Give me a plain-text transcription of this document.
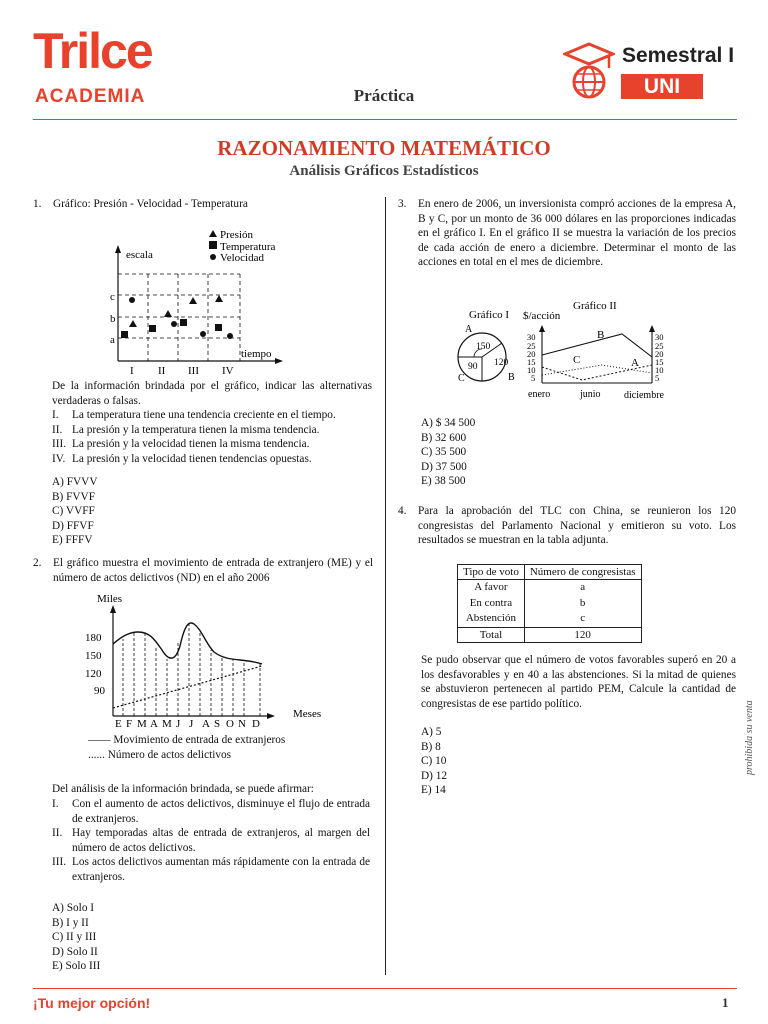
Trilce
ACADEMIA	Práctica
Semestral I
UNI
RAZONAMIENTO MATEMÁTICO
Análisis Gráficos Estadísticos
1.	Gráfico: Presión - Velocidad - Temperatura
escala
tiempo
c
b
a
I II III IV
Presión
Temperatura
Velocidad
De la información brindada por el gráfico, indicar las alternativas verdaderas o falsas.
I.	La temperatura tiene una tendencia creciente en el tiempo.
II. La presión y la temperatura tienen la misma tendencia.
III. La presión y la velocidad tienen la misma tendencia.
IV. La presión y la velocidad tienen tendencias opuestas.
A) FVVV
B) FVVF
C) VVFF
D) FFVF
E) FFFV
2.	El gráfico muestra el movimiento de entrada de extranjero (ME) y el número de actos delictivos (ND) en el año 2006
Miles
Meses
180
150
120
90
E F M A M J J A S O N D
—— Movimiento de entrada de extranjeros
...... Número de actos delictivos
Del análisis de la información brindada, se puede afirmar:
I.	Con el aumento de actos delictivos, disminuye el flujo de entrada de extranjeros.
II. Hay temporadas altas de entrada de extranjeros, al margen del número de actos delictivos.
III. Los actos delictivos aumentan más rápidamente con la entrada de extranjeros.
A) Solo I
B) I y II
C) II y III
D) Solo II
E) Solo III
3.	En enero de 2006, un inversionista compró acciones de la empresa A, B y C, por un monto de 36 000 dólares en las proporciones indicadas en el gráfico I. En el gráfico II se muestra la variación de los precios de cada acción de enero a diciembre. Determinar el monto de las acciones en total en el mes de diciembre.
Gráfico I
Gráfico II
$/acción
A
B
C
150
120
90
30
25
20
15
10
5
30
25
20
15
10
5
B
C	A
enero	junio diciembre
A) $ 34 500
B) 32 600
C) 35 500
D) 37 500
E) 38 500
4.	Para la aprobación del TLC con China, se reunieron los 120 congresistas del Parlamento Nacional y emitieron su voto. Los resultados se muestran en la tabla adjunta.
Tipo de voto	Número de congresistas
A favor	a
En contra	b
Abstención	c
Total	120
Se pudo observar que el número de votos favorables superó en 20 a los desfavorables y en 40 a las abstenciones. Si la mitad de quienes se abstuvieron pertenecen al partido PEM, Calcule la cantidad de congresistas de ese partido político.
A) 5
B) 8
C) 10
D) 12
E) 14
prohibida su venta
¡Tu mejor opción!	1
